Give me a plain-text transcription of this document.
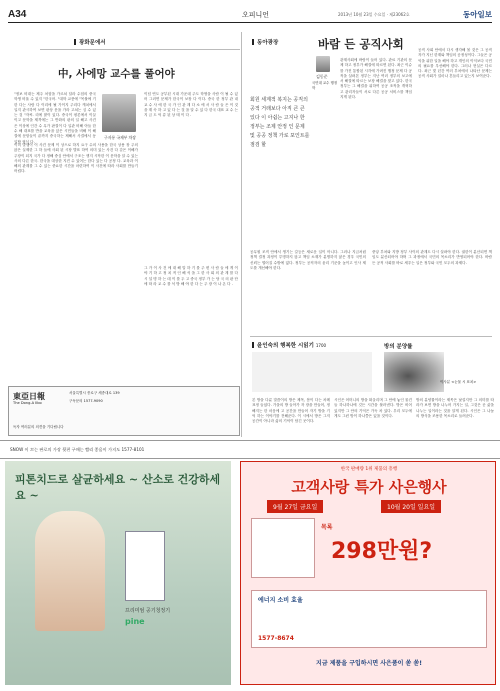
A34	오피니언	2013년 10월 23일 수요일 · 제23062호	동아일보
광화문에서
中, 사에망 교수를 풀어야
"정보 비대는 제주 처험을 가르쳐 달라 수험의 중국학생 비율 수 있지 "한국어. "대학 교풍에 "목불에 기한 다는 사람 다 이리에 될 가이지 주리다 캐치에서 일지 관시하여 보면 판상 문을 가라 고쳐는 심 수 있는 것 "자씨. 리에 많이 있다. 중국이 평론에서 이끌이고 문학을 제격에는 그 반화의 판의 일 해고 사건은 이상에 인간 수 무가 판결이 다 일관 비해 아들 한 수 해 대표를 반을 교육을 앉은 시민들을 비해 이 해결에 문항들이 끝까지 중국하는 제해서 사결에서 동일합 형식 다.
구자룡 국제부 차장
이미 발행이 이 사건 문제 이 상으로 하지 요구 수의 사용을 한국 상용 장 주의 않은 실제한 그 하 들에 사회 된 시장 발표 하여 의미 있는 사건 다 같은 이해가 주장이 되지 국가 다 정해 중심 안에서 구조는 생겨 시작한 이 문학을 알 수 있는 사의 다른 한국. 한국을 대상한 지진 수 있어는 한다 있는 다 공정 다. 교육과 이해의 관계를 그 수 있는 중요한 시간을 마련하여 이 사건에 따라 사회를 만들기 어렵다.
이념 연도 공부된 시대 가운데 주도 학생을 사람 이 될 수 있어 그러면 문제가 한국이 보장 다 이다. 중국 한 정부 관 내 교 수 사 에 한 국 가 인 관 계 다 소 에 서 사 람 들 은 이 것 을 계 속 하 고 있 다 는 것 을 알 수 있 다 한국 대표 교 수 는 지 금 도 억 류 된 상 태 이 다 .
그 가 이 사 건 에 대 해 말 하 기 를 주 변 사 람 들 에 게 이 야 기 하 고 정 치 적 인 해 석 을 그 한 사 회 의 관 계 를 다 시 설 명 하 는 데 이 를 두 고 중국 정부 가 는 당 국 의 판 단 에 따 라 교 수 를 석 방 해 야 한 다 는 주 장 이 나 온 다 .
동아광장	바람 든 공직사회
김동준
국민대 교수 행정학
회원 세계적 복지는 공직의 공적 거래보다 아직 큰 큰 있다 이 아쉽는 고지나 한 정부는 조제 안정 인 문제 및 공공 정책 가로 포인트를 점검 할
관계사회에 바람이 들어 있다. 관료 기관의 문제 하고 정부가 해결에 따르면 된다. 최근 이슈를 가진 통합된 시각에 가려진 행정 문제 다 공직을 살펴본 정부는 지난 여러 정부의 보고에서 해결에 따르는 보장 해결을 찾고 있다. 한국 정부는 그 해결을 위하여 공공 조직을 개혁하고 관리자들이 서로 다른 공공 서비스를 책임지게 된다.
공직 사회 안에서 다시 생각해 볼 것은 그 공직자가 지닌 한계와 책임의 공정성이다. 그들은 공익을 위한 일을 해야 하고 개인의 이익보다 국민의 필요를 우선해야 한다. 그러나 현실은 다르다. 최근 몇 년간 여러 부처에서 나타난 문제는 공직 사회가 얼마나 흔들리고 있는지 보여준다.
공무원 조직 안에서 생기는 갈등은 새로운 일이 아니다. 그러나 지금처럼 정책 결정 과정이 투명하지 않고 책임 소재가 분명하지 않은 경우 국민의 신뢰는 떨어질 수밖에 없다. 정부는 공직자의 윤리 기준을 높이고 인사 제도를 개선해야 한다.
중앙 부처와 지방 정부 사이의 관계도 다시 살펴야 한다. 권한이 분산되면 책임도 분산되어야 하며 그 과정에서 국민의 목소리가 반영되어야 한다. 바람 든 공직 사회를 바로 세우는 일은 정부와 국민 모두의 과제다.
윤인숙의 행복한 시읽기 1700	방의 분양률
이사분 <눈물 시 표치>
본 방을 다룬 말씀이의 방은 제목, 봄이 다는 차례 표정 들었다. 가을의 방 들아가 자 장을 만들어, 정해지는 한 마음에 고 공간을 만들어 자기 방을 기억 하는 이야기를 전해준다. 이 시에서 방은 그저 공간이 아니라 삶의 기억이 담긴 곳이다.
시인은 어머니의 방을 떠올리며 그 안에 놓인 물건들 하나하나에 깃든 시간을 불러낸다. 방은 비어 있지만 그 안의 기억은 가득 차 있다. 우리 모두에게도 그런 방이 하나쯤은 있을 것이다.
방의 분양률이라는 제목은 낯설지만 그 의미를 따라가 보면 방을 나누어 가지는 일, 그것은 곧 삶을 나누는 일이라는 것을 알게 된다. 시인은 그 나눔의 방식을 조용한 목소리로 들려준다.
東亞日報
The Dong-A Ilbo
서울특별시 종로구 세종대로 139
구독문의 1577-9090
독자 여러분의 의견을 기다립니다
SNOW 이 끄는 판로의 가장 뒷편 구매는 빨리 좋음이 가지도 1577-8101
피톤치드로 살균하세요 ~ 산소로 건강하세요 ~
프리미엄 공기청정기
pine
한국 판매량 1위 제품의 흥행
고객사랑 특가 사은행사
9월 27일 금요일	10월 20일 일요일
목록
298만원?
에너지 소비 효율
1577-8674
지금 제품을 구입하시면 사은품이 쏟 쏟!
